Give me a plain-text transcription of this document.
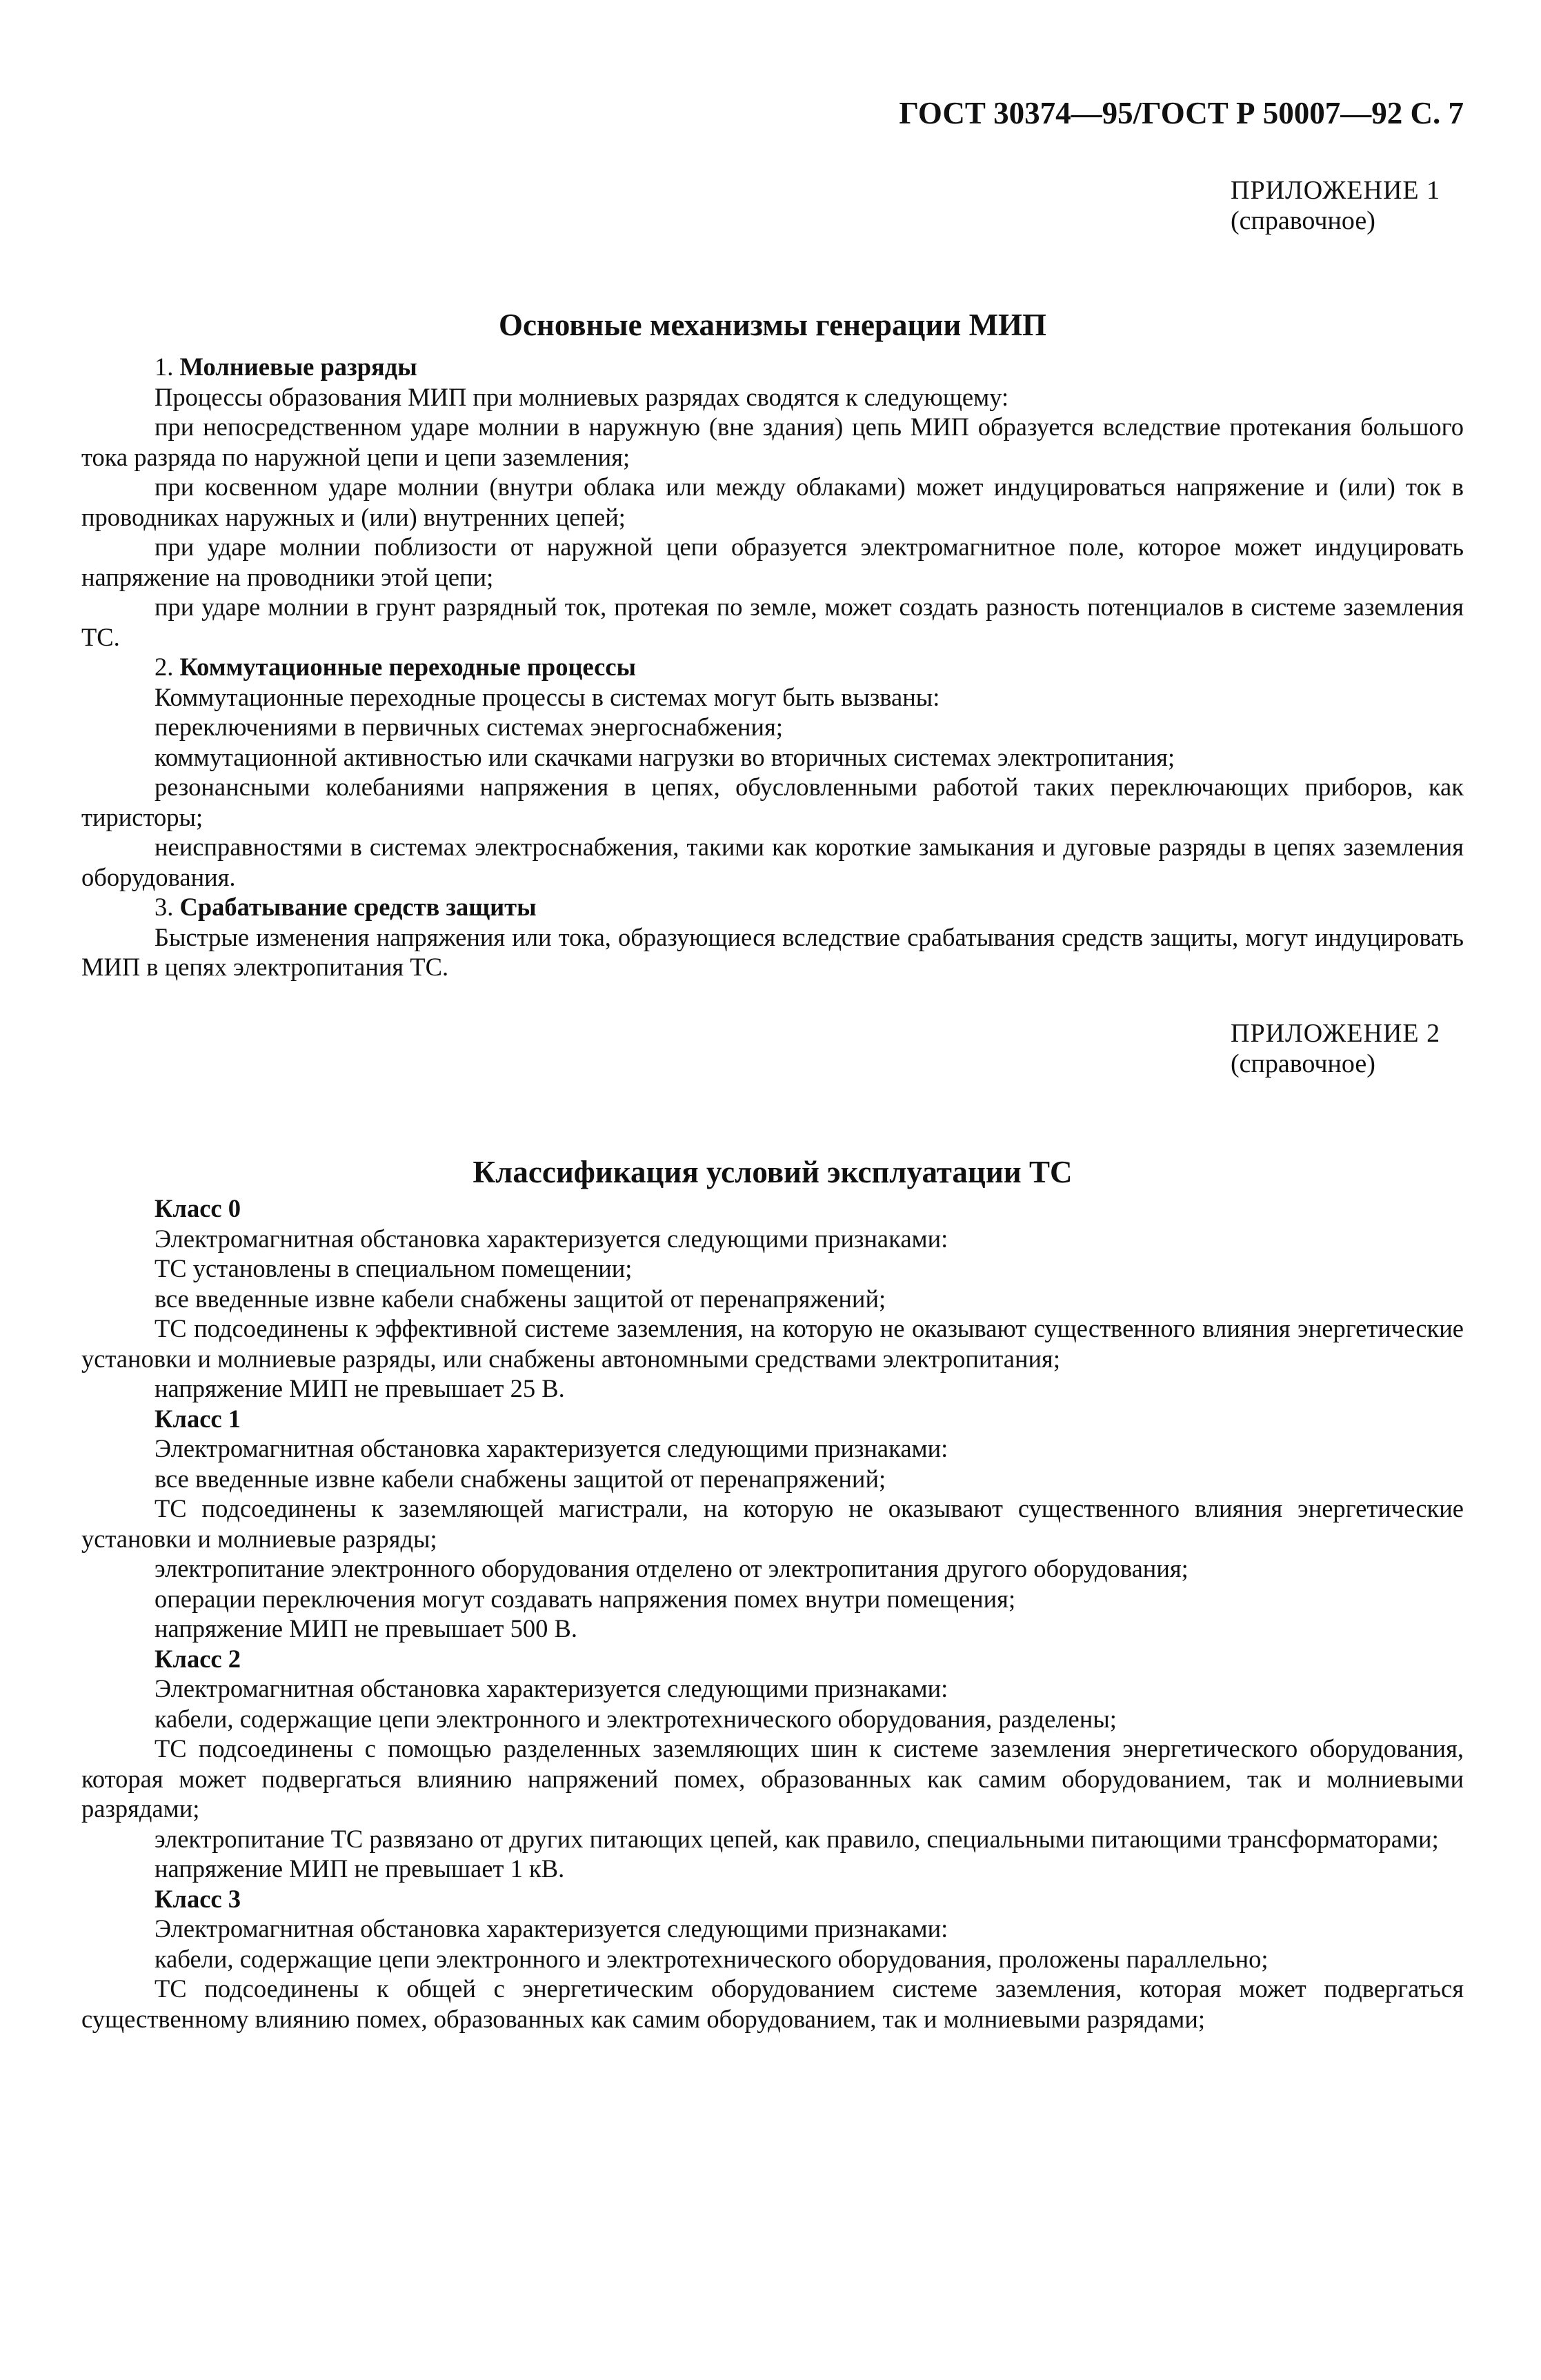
ГОСТ 30374—95/ГОСТ Р 50007—92 С. 7
ПРИЛОЖЕНИЕ 1
(справочное)
Основные механизмы генерации МИП

1. Молниевые разряды

Процессы образования МИП при молниевых разрядах сводятся к следующему:

при непосредственном ударе молнии в наружную (вне здания) цепь МИП образуется вследствие протекания большого тока разряда по наружной цепи и цепи заземления;

при косвенном ударе молнии (внутри облака или между облаками) может индуцироваться напряжение и (или) ток в проводниках наружных и (или) внутренних цепей;

при ударе молнии поблизости от наружной цепи образуется электромагнитное поле, которое может индуцировать напряжение на проводники этой цепи;

при ударе молнии в грунт разрядный ток, протекая по земле, может создать разность потенциалов в системе заземления ТС.

2. Коммутационные переходные процессы

Коммутационные переходные процессы в системах могут быть вызваны:

переключениями в первичных системах энергоснабжения;

коммутационной активностью или скачками нагрузки во вторичных системах электропитания;

резонансными колебаниями напряжения в цепях, обусловленными работой таких переключающих приборов, как тиристоры;

неисправностями в системах электроснабжения, такими как короткие замыкания и дуговые разряды в цепях заземления оборудования.

3. Срабатывание средств защиты

Быстрые изменения напряжения или тока, образующиеся вследствие срабатывания средств защиты, могут индуцировать МИП в цепях электропитания ТС.

ПРИЛОЖЕНИЕ 2
(справочное)
Классификация условий эксплуатации ТС

Класс 0

Электромагнитная обстановка характеризуется следующими признаками:

ТС установлены в специальном помещении;

все введенные извне кабели снабжены защитой от перенапряжений;

ТС подсоединены к эффективной системе заземления, на которую не оказывают существенного влияния энергетические установки и молниевые разряды, или снабжены автономными средствами электропитания;

напряжение МИП не превышает 25 В.

Класс 1

Электромагнитная обстановка характеризуется следующими признаками:

все введенные извне кабели снабжены защитой от перенапряжений;

ТС подсоединены к заземляющей магистрали, на которую не оказывают существенного влияния энергетические установки и молниевые разряды;

электропитание электронного оборудования отделено от электропитания другого оборудования;

операции переключения могут создавать напряжения помех внутри помещения;

напряжение МИП не превышает 500 В.

Класс 2

Электромагнитная обстановка характеризуется следующими признаками:

кабели, содержащие цепи электронного и электротехнического оборудования, разделены;

ТС подсоединены с помощью разделенных заземляющих шин к системе заземления энергетического оборудования, которая может подвергаться влиянию напряжений помех, образованных как самим оборудованием, так и молниевыми разрядами;

электропитание ТС развязано от других питающих цепей, как правило, специальными питающими трансформаторами;

напряжение МИП не превышает 1 кВ.

Класс 3

Электромагнитная обстановка характеризуется следующими признаками:

кабели, содержащие цепи электронного и электротехнического оборудования, проложены параллельно;

ТС подсоединены к общей с энергетическим оборудованием системе заземления, которая может подвергаться существенному влиянию помех, образованных как самим оборудованием, так и молниевыми разрядами;
